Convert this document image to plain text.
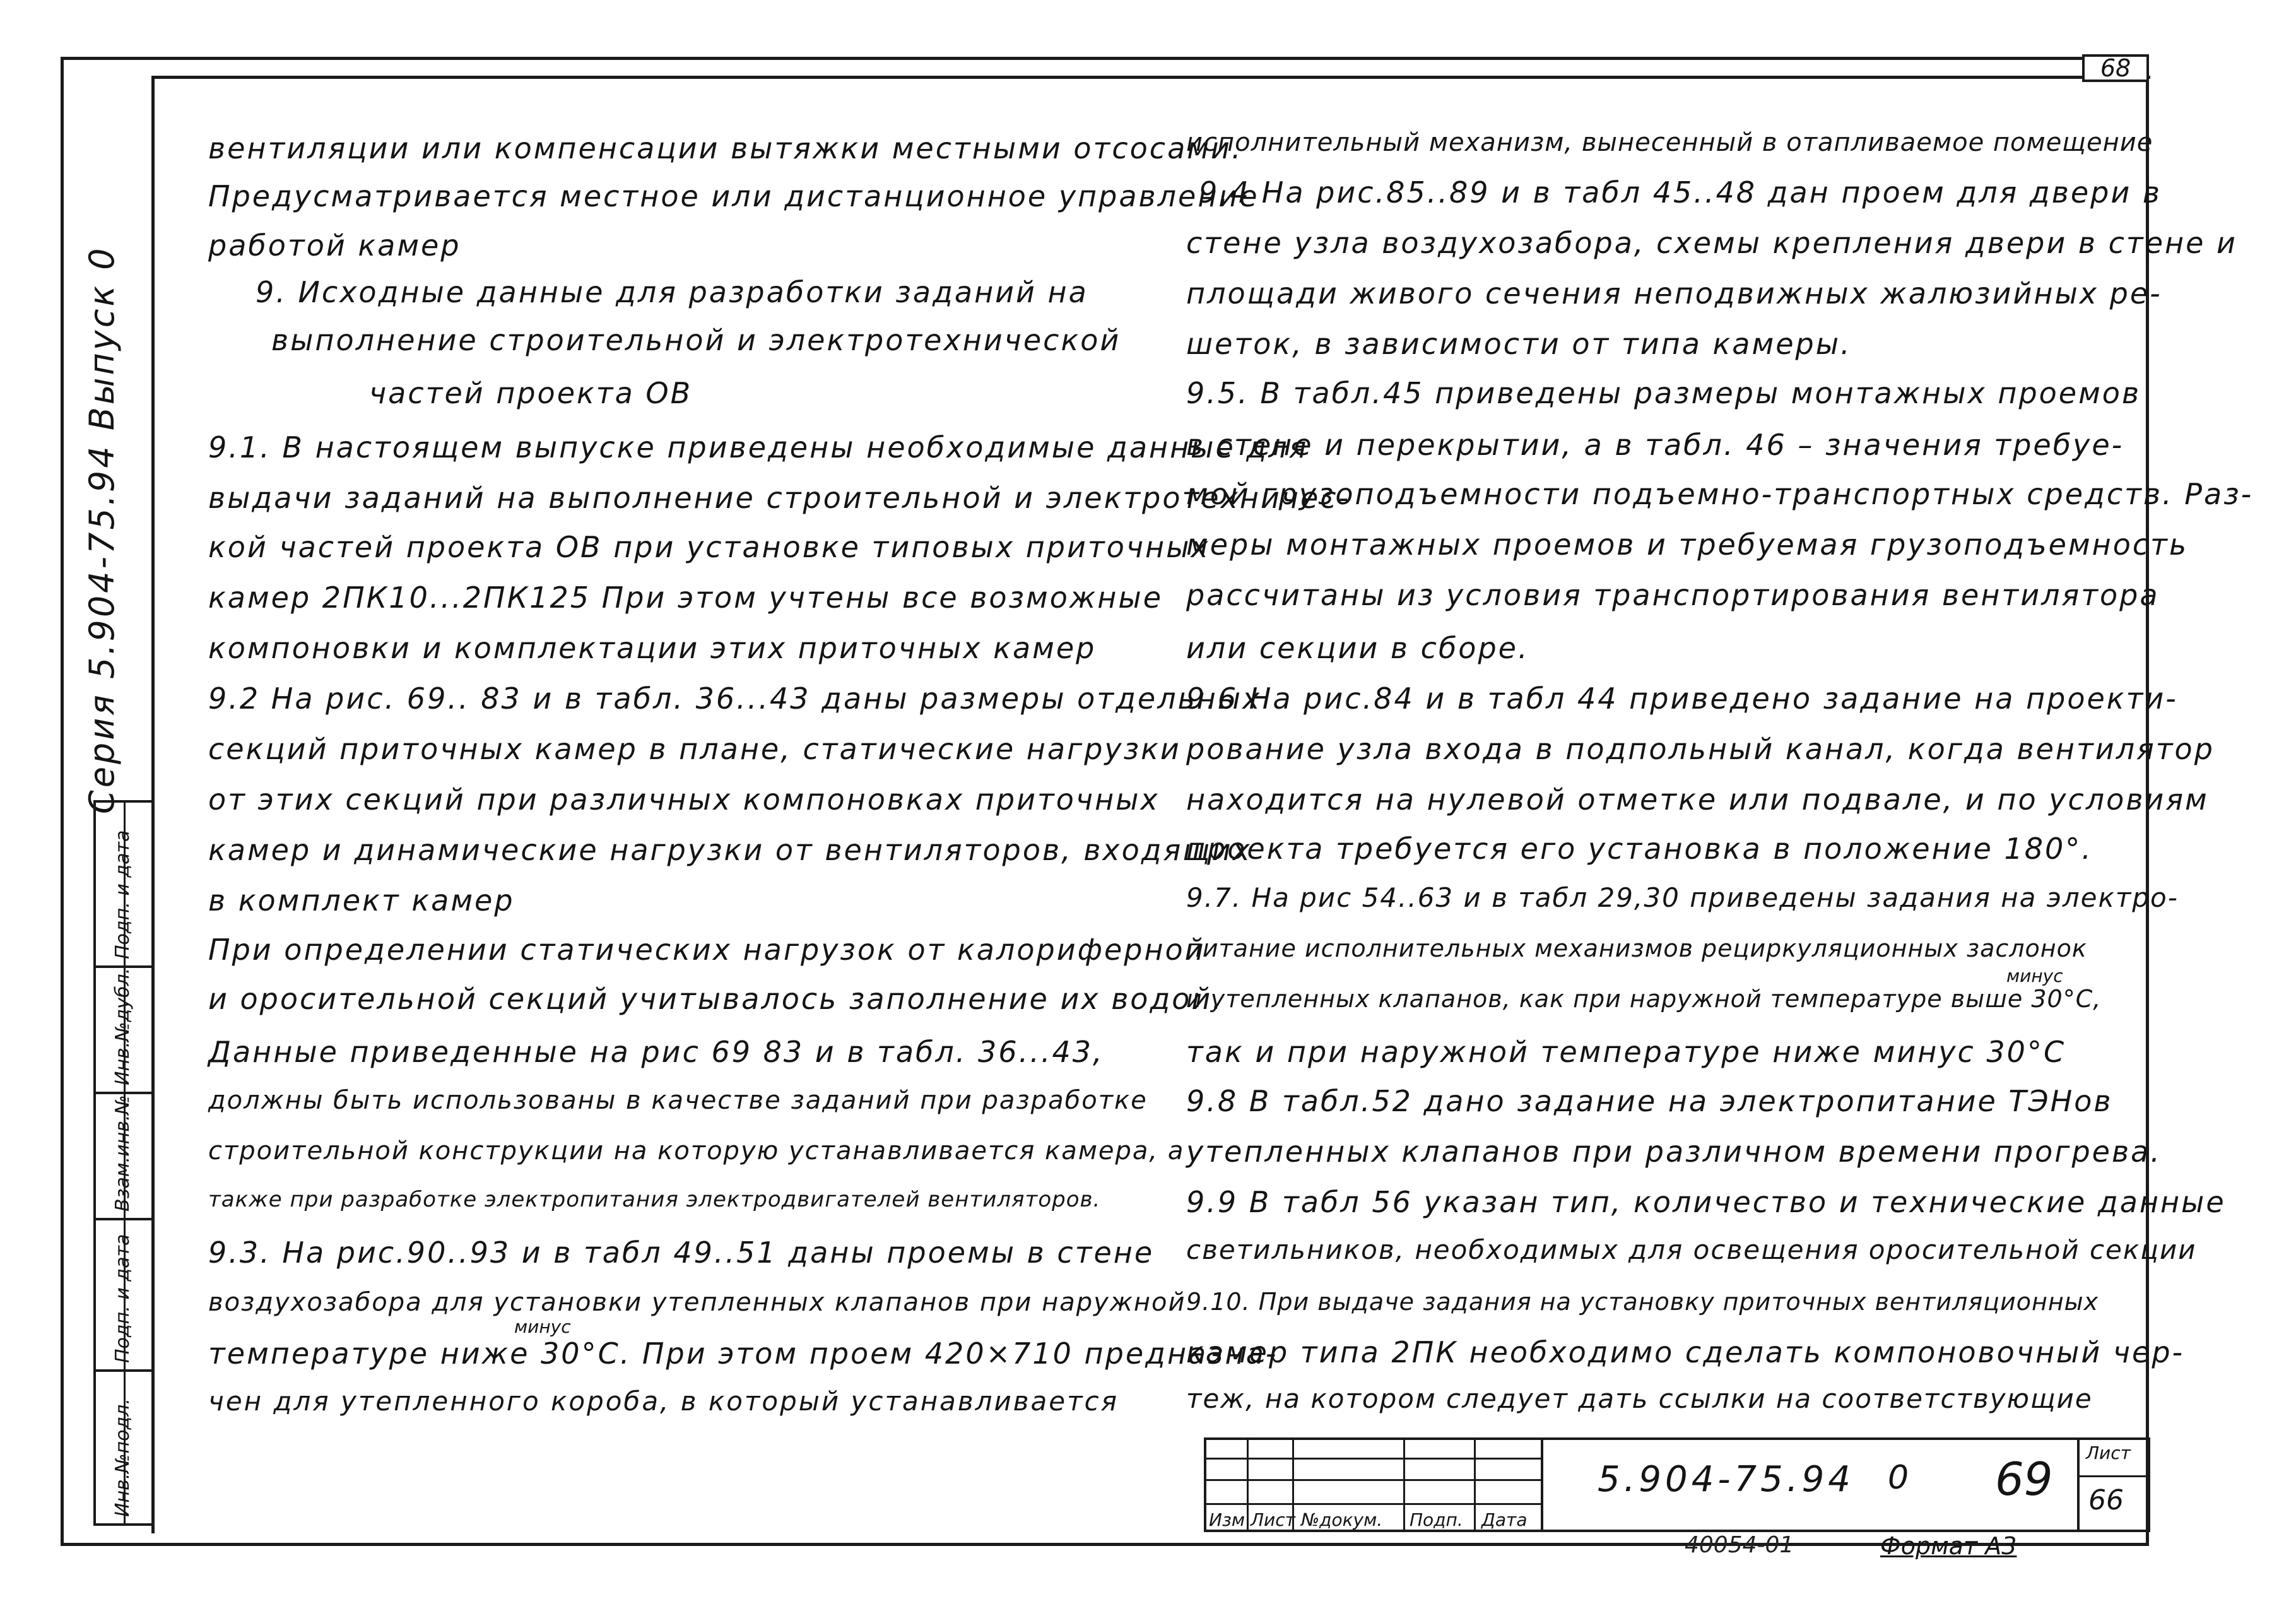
68
Серия 5.904-75.94 Выпуск 0
Подп. и дата
Инв.№дубл.
Взам.инв.№
Подп. и дата
Инв.№подл.
вентиляции или компенсации вытяжки местными отсосами.
Предусматривается местное или дистанционное управление
работой камер
9. Исходные данные для разработки заданий на
выполнение строительной и электротехнической
частей проекта ОВ
9.1. В настоящем выпуске приведены необходимые данные для
выдачи заданий на выполнение строительной и электротехничес-
кой частей проекта ОВ при установке типовых приточных
камер 2ПК10...2ПК125 При этом учтены все возможные
компоновки и комплектации этих приточных камер
9.2 На рис. 69.. 83 и в табл. 36...43 даны размеры отдельных
секций приточных камер в плане, статические нагрузки
от этих секций при различных компоновках приточных
камер и динамические нагрузки от вентиляторов, входящих
в комплект камер
При определении статических нагрузок от калориферной
и оросительной секций учитывалось заполнение их водой.
Данные приведенные на рис 69 83 и в табл. 36...43,
должны быть использованы в качестве заданий при разработке
строительной конструкции на которую устанавливается камера, а
также при разработке электропитания электродвигателей вентиляторов.
9.3. На рис.90..93 и в табл 49..51 даны проемы в стене
воздухозабора для установки утепленных клапанов при наружной
минус
температуре ниже 30°С. При этом проем 420×710 предназна-
чен для утепленного короба, в который устанавливается
исполнительный механизм, вынесенный в отапливаемое помещение
9.4 На рис.85..89 и в табл 45..48 дан проем для двери в
стене узла воздухозабора, схемы крепления двери в стене и
площади живого сечения неподвижных жалюзийных ре-
шеток, в зависимости от типа камеры.
9.5. В табл.45 приведены размеры монтажных проемов
в стене и перекрытии, а в табл. 46 – значения требуе-
мой грузоподъемности подъемно-транспортных средств. Раз-
меры монтажных проемов и требуемая грузоподъемность
рассчитаны из условия транспортирования вентилятора
или секции в сборе.
9.6 На рис.84 и в табл 44 приведено задание на проекти-
рование узла входа в подпольный канал, когда вентилятор
находится на нулевой отметке или подвале, и по условиям
проекта требуется его установка в положение 180°.
9.7. На рис 54..63 и в табл 29,30 приведены задания на электро-
питание исполнительных механизмов рециркуляционных заслонок
минус
и утепленных клапанов, как при наружной температуре выше 30°С,
так и при наружной температуре ниже минус 30°С
9.8 В табл.52 дано задание на электропитание ТЭНов
утепленных клапанов при различном времени прогрева.
9.9 В табл 56 указан тип, количество и технические данные
светильников, необходимых для освещения оросительной секции
9.10. При выдаче задания на установку приточных вентиляционных
камер типа 2ПК необходимо сделать компоновочный чер-
теж, на котором следует дать ссылки на соответствующие
Изм Лист №докум. Подп. Дата
5.904-75.94 0 69 Лист
66
40054-01	Формат А3
